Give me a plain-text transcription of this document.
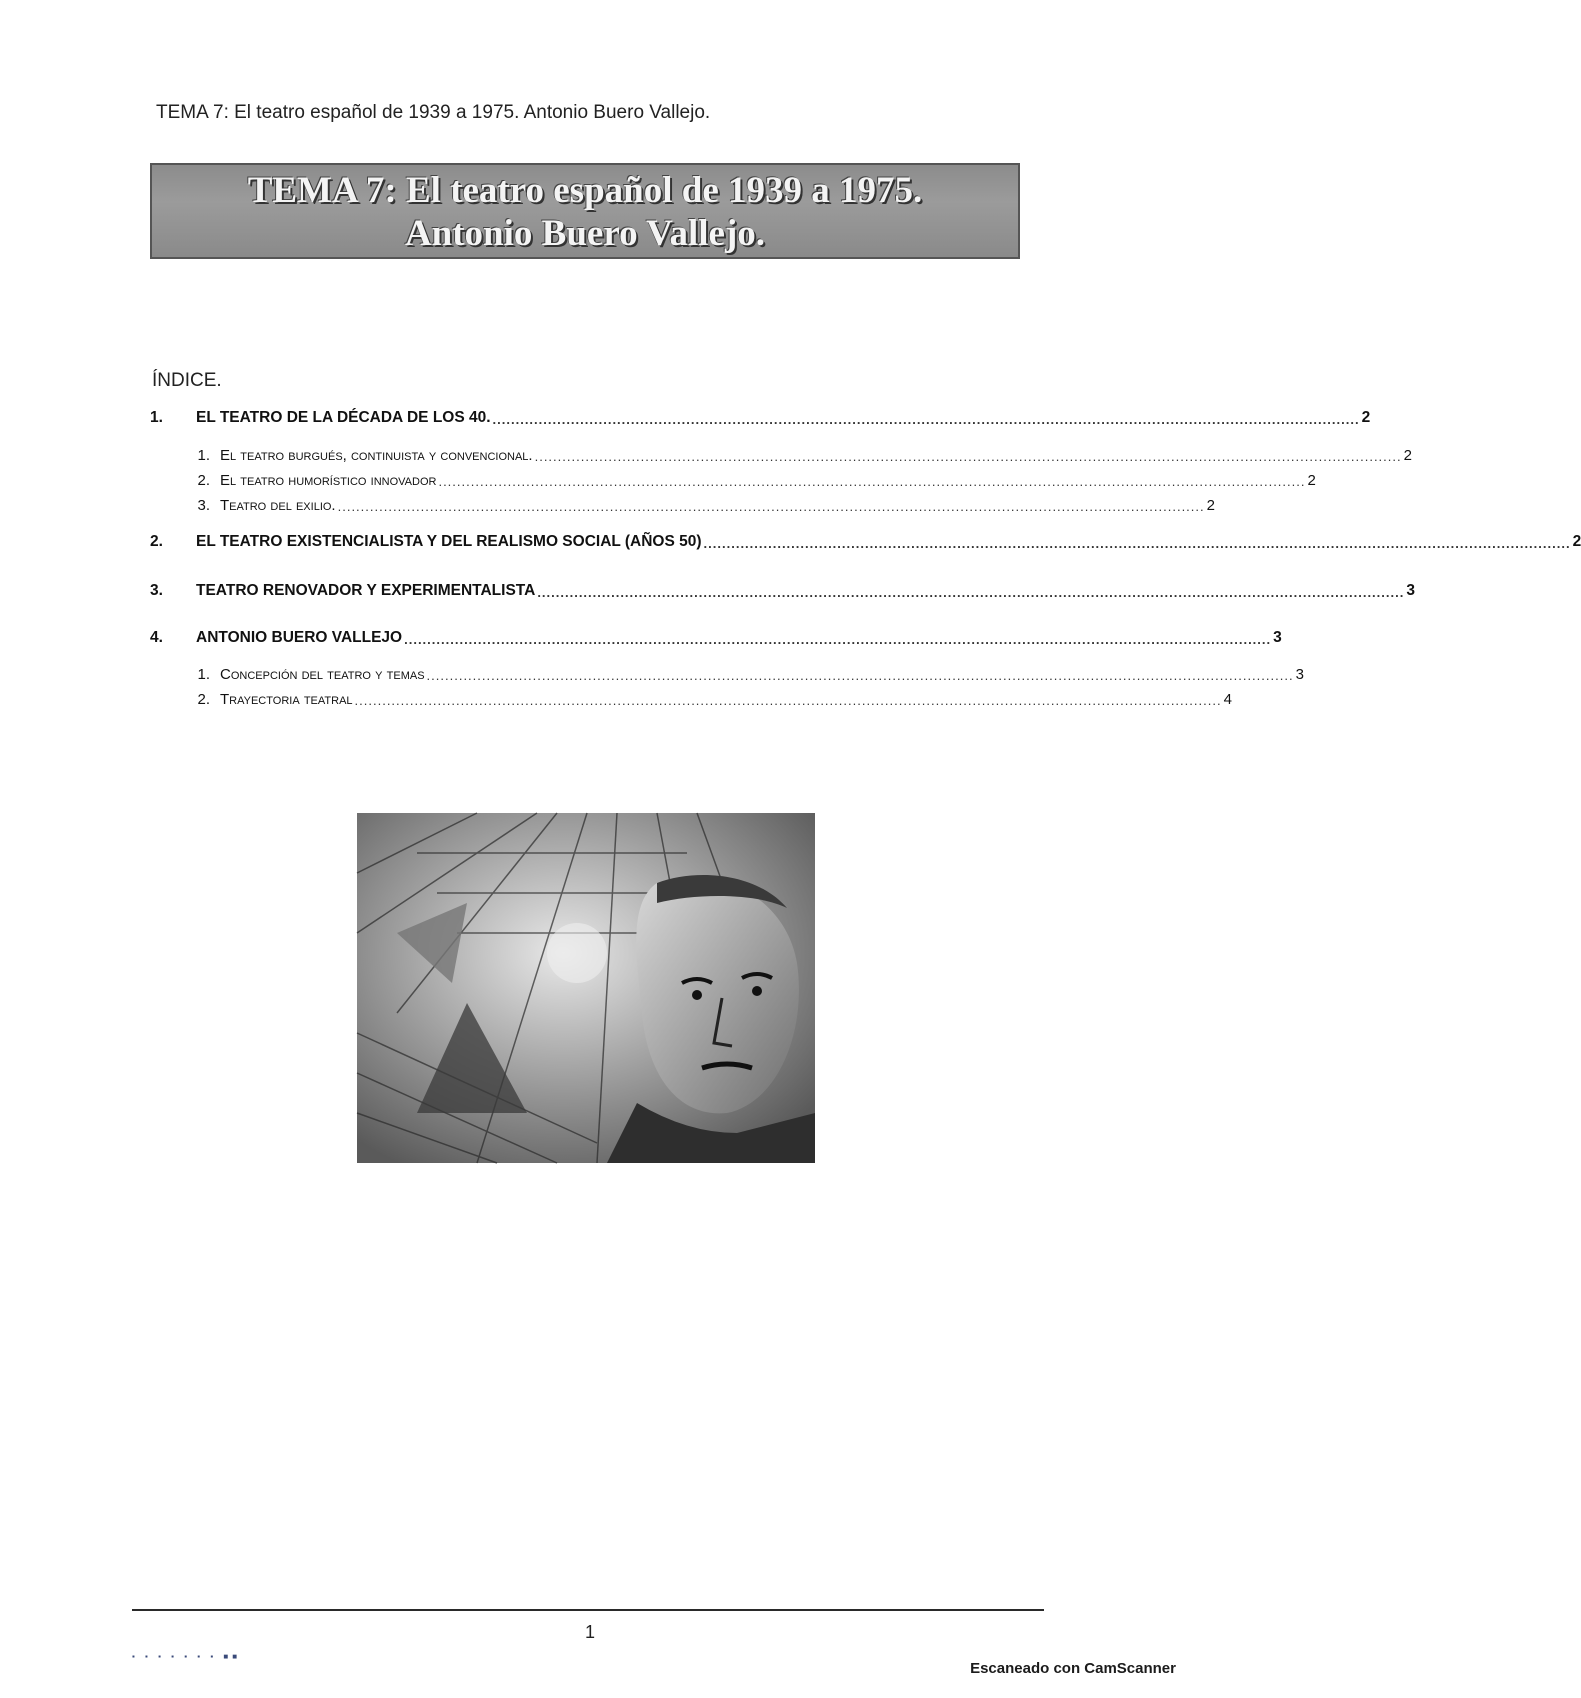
TEMA 7: El teatro español de 1939 a 1975. Antonio Buero Vallejo.
TEMA 7: El teatro español de 1939 a 1975.
Antonio Buero Vallejo.
ÍNDICE.
1.	EL TEATRO DE LA DÉCADA DE LOS 40. ............................................................................................................................................................................................ 2
1. El teatro burgués, continuista y convencional. ............................................................................................................................................................................................ 2
2. El teatro humorístico innovador ............................................................................................................................................................................................ 2
3. Teatro del exilio. ............................................................................................................................................................................................ 2
2.	EL TEATRO EXISTENCIALISTA Y DEL REALISMO SOCIAL (AÑOS 50) ............................................................................................................................................................................................ 2
3.	TEATRO RENOVADOR Y EXPERIMENTALISTA ............................................................................................................................................................................................ 3
4.	ANTONIO BUERO VALLEJO ............................................................................................................................................................................................ 3
1. Concepción del teatro y temas ............................................................................................................................................................................................ 3
2. Trayectoria teatral ............................................................................................................................................................................................ 4
1
▪ ▪ ▪ ▪ ▪ ▪ ▪ ■■
Escaneado con CamScanner
